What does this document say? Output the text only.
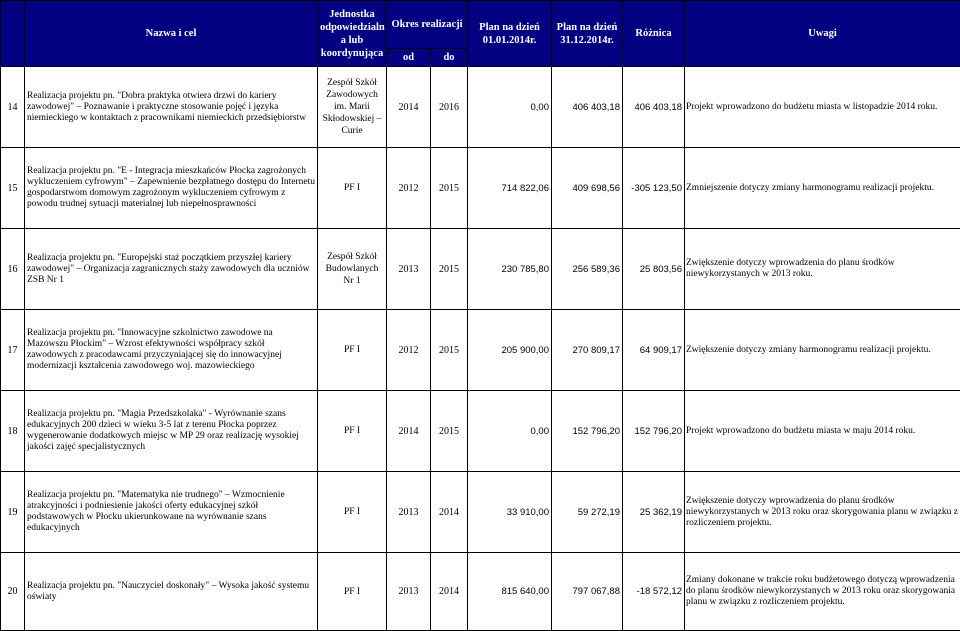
	Nazwa i cel	Jednostka odpowiedzialn a lub koordynująca	Okres realizacji		Plan na dzień 01.01.2014r.	Plan na dzień 31.12.2014r.	Różnica	Uwagi
			od	do				
14	Realizacja projektu pn. "Dobra praktyka otwiera drzwi do kariery zawodowej" – Poznawanie i praktyczne stosowanie pojęć i języka niemieckiego w kontaktach z pracownikami niemieckich przedsiębiorstw	Zespół Szkół Zawodowych im. Marii Skłodowskiej – Curie	2014	2016	0,00	406 403,18	406 403,18	Projekt wprowadzono do budżetu miasta w listopadzie 2014 roku.
15	Realizacja projektu pn. "E - Integracja mieszkańców Płocka zagrożonych wykluczeniem cyfrowym" – Zapewnienie bezpłatnego dostępu do Internetu gospodarstwom domowym zagrożonym wykluczeniem cyfrowym z powodu trudnej sytuacji materialnej lub niepełnosprawności	PF I	2012	2015	714 822,06	409 698,56	-305 123,50	Zmniejszenie dotyczy zmiany harmonogramu realizacji projektu.
16	Realizacja projektu pn. "Europejski staż początkiem przyszłej kariery zawodowej" – Organizacja zagranicznych staży zawodowych dla uczniów ZSB Nr 1	Zespół Szkół Budowlanych Nr 1	2013	2015	230 785,80	256 589,36	25 803,56	Zwiększenie dotyczy wprowadzenia do planu środków niewykorzystanych w 2013 roku.
17	Realizacja projektu pn. "Innowacyjne szkolnictwo zawodowe na Mazowszu Płockim" – Wzrost efektywności współpracy szkół zawodowych z pracodawcami przyczyniającej się do innowacyjnej modernizacji kształcenia zawodowego woj. mazowieckiego	PF I	2012	2015	205 900,00	270 809,17	64 909,17	Zwiększenie dotyczy zmiany harmonogramu realizacji projektu.
18	Realizacja projektu pn. "Magia Przedszkolaka" - Wyrównanie szans edukacyjnych 200 dzieci w wieku 3-5 lat z terenu Płocka poprzez wygenerowanie dodatkowych miejsc w MP 29 oraz realizację wysokiej jakości zajęć specjalistycznych	PF I	2014	2015	0,00	152 796,20	152 796,20	Projekt wprowadzono do budżetu miasta w maju 2014 roku.
19	Realizacja projektu pn. "Matematyka nie trudnego" – Wzmocnienie atrakcyjności i podniesienie jakości oferty edukacyjnej szkół podstawowych w Płocku ukierunkowane na wyrównanie szans edukacyjnych	PF I	2013	2014	33 910,00	59 272,19	25 362,19	Zwiększenie dotyczy wprowadzenia do planu środków niewykorzystanych w 2013 roku oraz skorygowania planu w związku z rozliczeniem projektu.
20	Realizacja projektu pn. "Nauczyciel doskonały" – Wysoka jakość systemu oświaty	PF I	2013	2014	815 640,00	797 067,88	-18 572,12	Zmiany dokonane w trakcie roku budżetowego dotyczą wprowadzenia do planu środków niewykorzystanych w 2013 roku oraz skorygowania planu w związku z rozliczeniem projektu.
